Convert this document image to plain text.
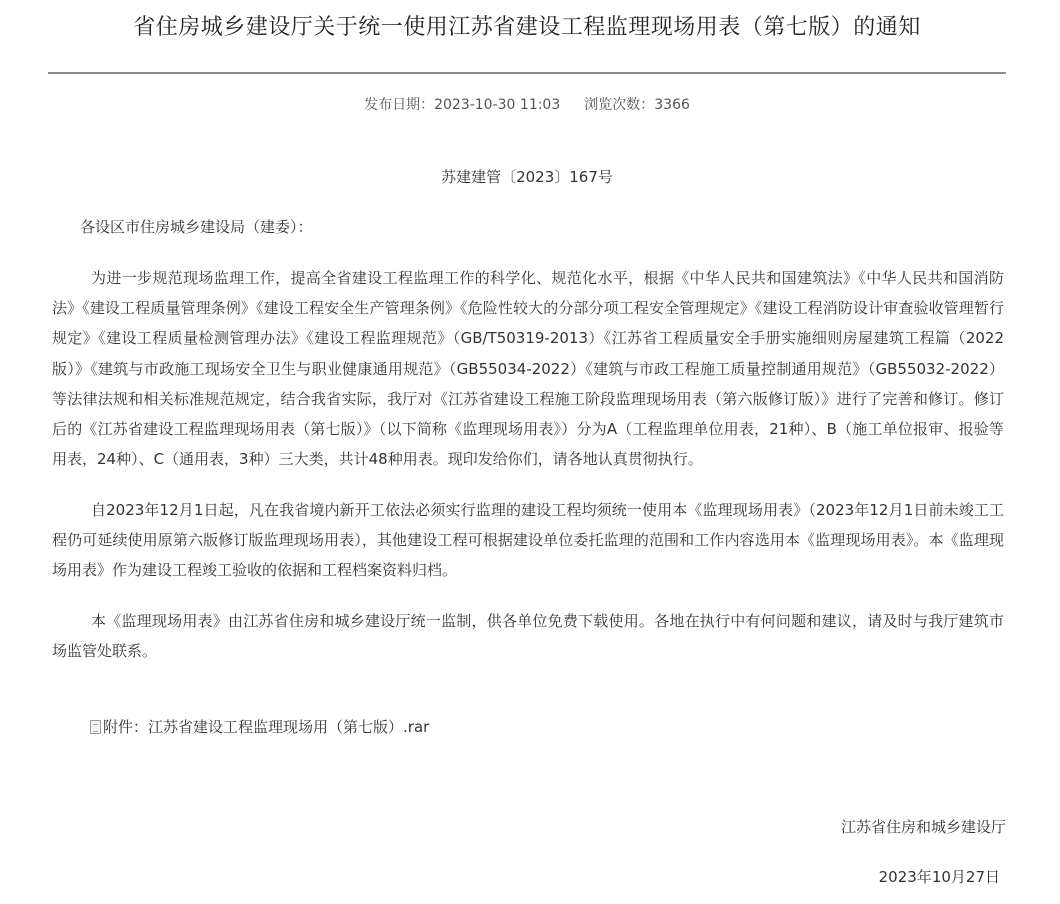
省住房城乡建设厅关于统一使用江苏省建设工程监理现场用表（第七版）的通知
发布日期：2023-10-30 11:03 浏览次数：3366
苏建建管〔2023〕167号
各设区市住房城乡建设局（建委）：

为进一步规范现场监理工作，提高全省建设工程监理工作的科学化、规范化水平，根据《中华人民共和国建筑法》《中华人民共和国消防法》《建设工程质量管理条例》《建设工程安全生产管理条例》《危险性较大的分部分项工程安全管理规定》《建设工程消防设计审查验收管理暂行规定》《建设工程质量检测管理办法》《建设工程监理规范》（GB/T50319-2013）《江苏省工程质量安全手册实施细则房屋建筑工程篇（2022版）》《建筑与市政施工现场安全卫生与职业健康通用规范》（GB55034-2022）《建筑与市政工程施工质量控制通用规范》（GB55032-2022）等法律法规和相关标准规范规定，结合我省实际，我厅对《江苏省建设工程施工阶段监理现场用表（第六版修订版）》进行了完善和修订。修订后的《江苏省建设工程监理现场用表（第七版）》（以下简称《监理现场用表》）分为A（工程监理单位用表，21种）、B（施工单位报审、报验等用表，24种）、C（通用表，3种）三大类，共计48种用表。现印发给你们，请各地认真贯彻执行。

自2023年12月1日起，凡在我省境内新开工依法必须实行监理的建设工程均须统一使用本《监理现场用表》（2023年12月1日前未竣工工程仍可延续使用原第六版修订版监理现场用表），其他建设工程可根据建设单位委托监理的范围和工作内容选用本《监理现场用表》。本《监理现场用表》作为建设工程竣工验收的依据和工程档案资料归档。

本《监理现场用表》由江苏省住房和城乡建设厅统一监制，供各单位免费下载使用。各地在执行中有何问题和建议，请及时与我厅建筑市场监管处联系。

附件： 江苏省建设工程监理现场用（第七版）.rar
江苏省住房和城乡建设厅
2023年10月27日
